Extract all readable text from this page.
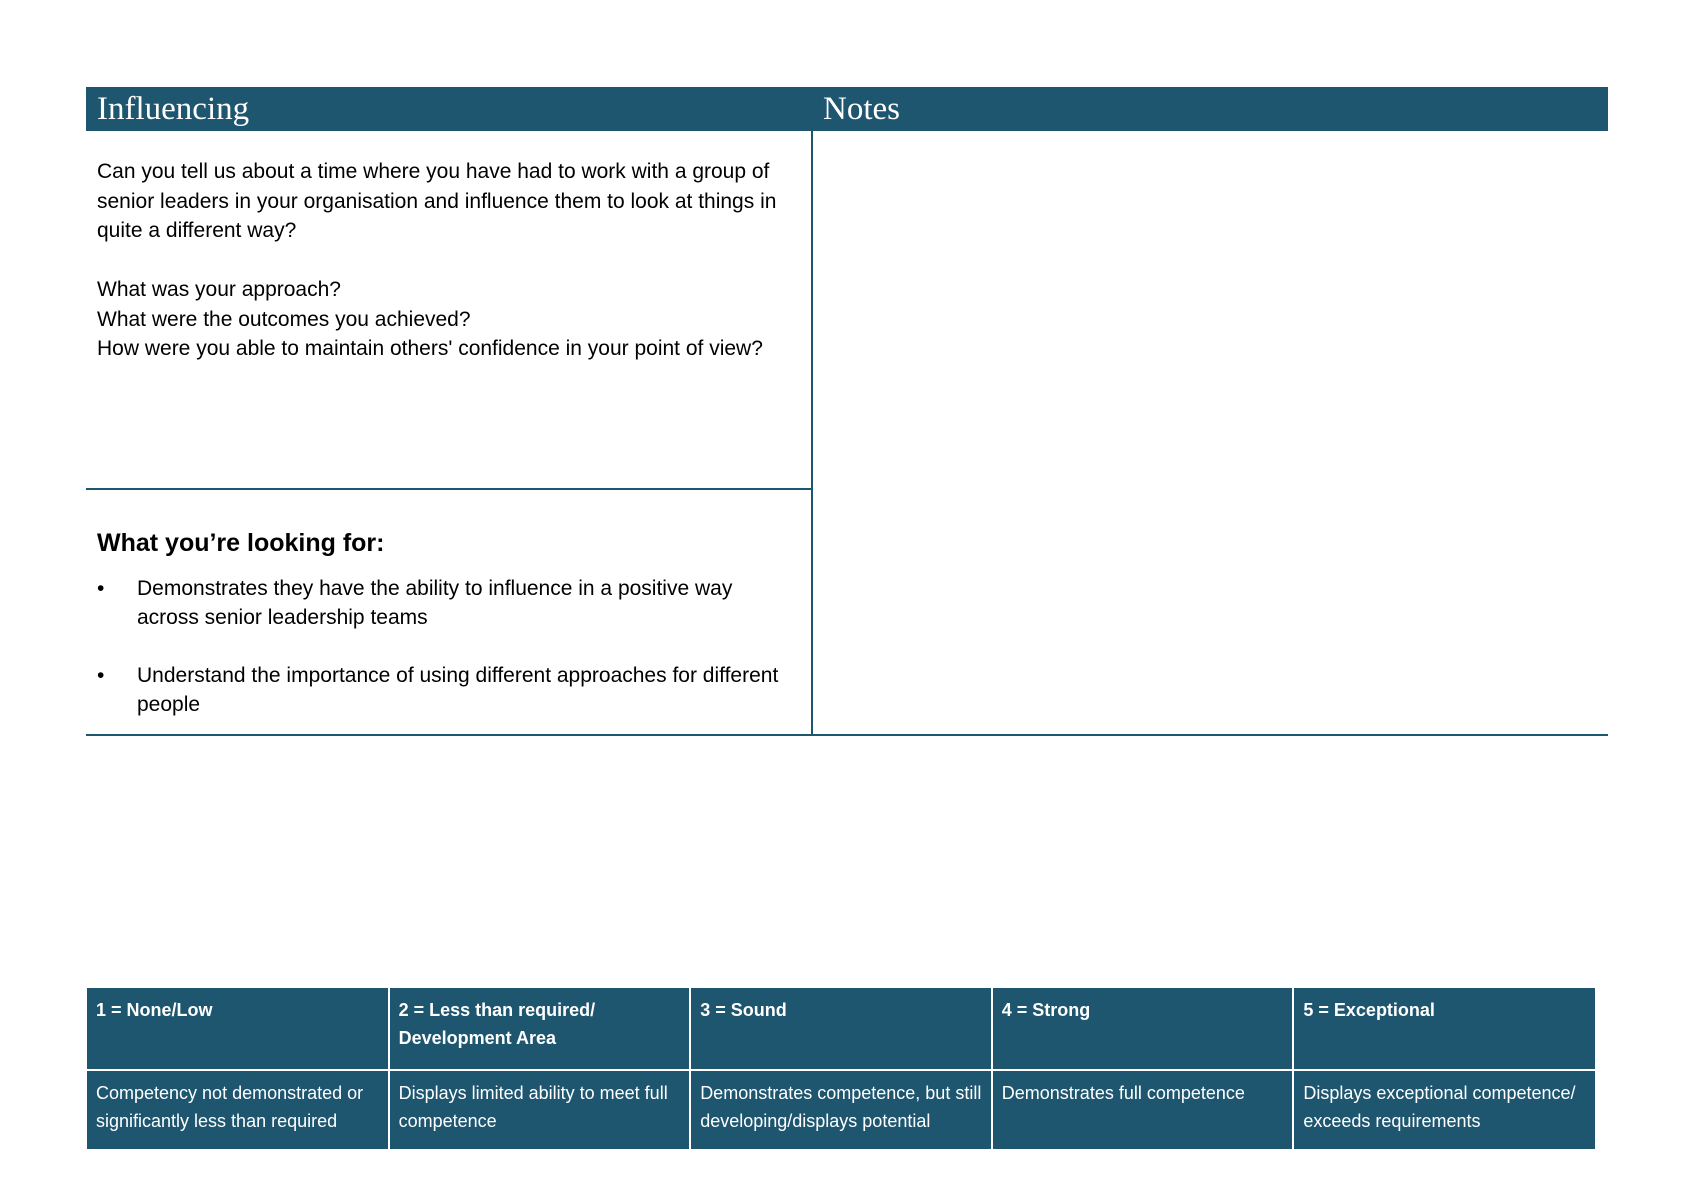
Influencing	Notes

Can you tell us about a time where you have had to work with a group of senior leaders in your organisation and influence them to look at things in quite a different way?

What was your approach?

What were the outcomes you achieved?

How were you able to maintain others' confidence in your point of view?

What you’re looking for:
•	Demonstrates they have the ability to influence in a positive way across senior leadership teams
•	Understand the importance of using different approaches for different people
1 = None/Low	2 = Less than required/ Development Area	3 = Sound	4 = Strong	5 = Exceptional
Competency not demonstrated or significantly less than required	Displays limited ability to meet full competence	Demonstrates competence, but still developing/displays potential	Demonstrates full competence	Displays exceptional competence/ exceeds requirements
